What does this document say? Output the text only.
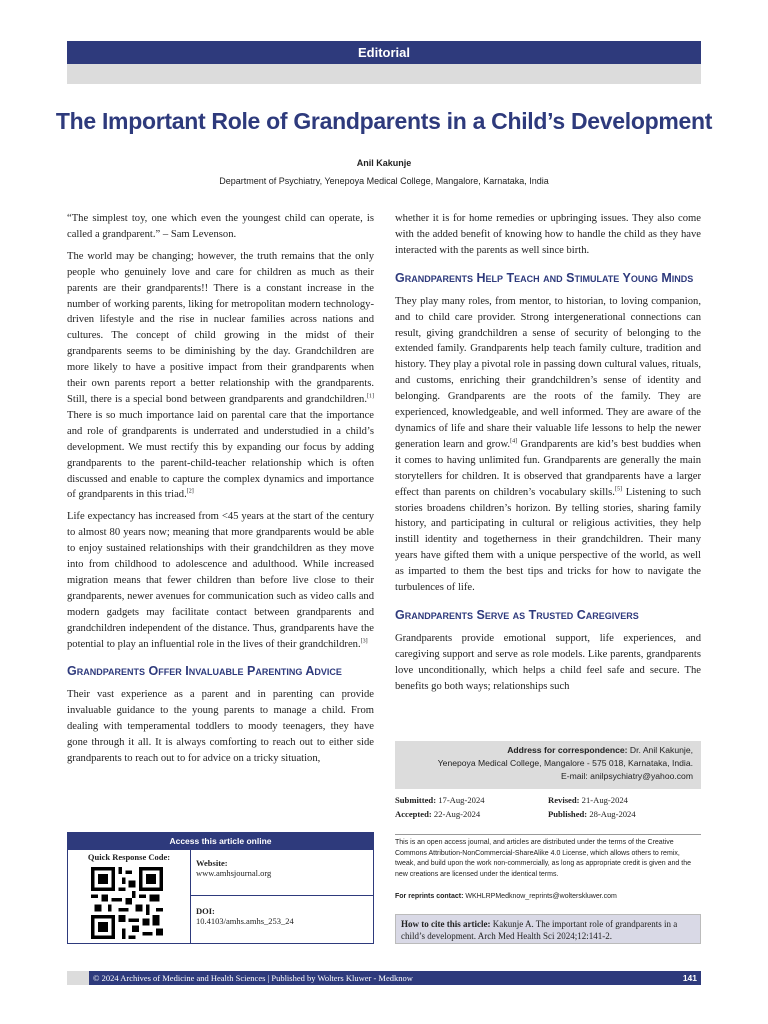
Editorial
The Important Role of Grandparents in a Child’s Development
Anil Kakunje
Department of Psychiatry, Yenepoya Medical College, Mangalore, Karnataka, India

“The simplest toy, one which even the youngest child can operate, is called a grandparent.” – Sam Levenson.

The world may be changing; however, the truth remains that the only people who genuinely love and care for children as much as their parents are their grandparents!! There is a constant increase in the number of working parents, liking for metropolitan modern technology-driven lifestyle and the rise in nuclear families across nations and cultures. The concept of child growing in the midst of their grandparents seems to be diminishing by the day. Grandchildren are more likely to have a positive impact from their grandparents when their own parents report a better relationship with the grandparents. Still, there is a special bond between grandparents and grandchildren.[1] There is so much importance laid on parental care that the importance and role of grandparents is underrated and understudied in a child’s development. We must rectify this by expanding our focus by adding grandparents to the parent-child-teacher relationship which is often discussed and enable to capture the complex dynamics and importance of grandparents in this triad.[2]

Life expectancy has increased from <45 years at the start of the century to almost 80 years now; meaning that more grandparents would be able to enjoy sustained relationships with their grandchildren as they move into from childhood to adolescence and adulthood. While increased migration means that fewer children than before live close to their grandparents, newer avenues for communication such as video calls and modern gadgets may facilitate contact between grandparents and grandchildren independent of the distance. Thus, grandparents have the potential to play an influential role in the lives of their grandchildren.[3]

Grandparents Offer Invaluable Parenting Advice

Their vast experience as a parent and in parenting can provide invaluable guidance to the young parents to manage a child. From dealing with temperamental toddlers to moody teenagers, they have gone through it all. It is always comforting to reach out to either side grandparents to reach out to for advice on a tricky situation,

whether it is for home remedies or upbringing issues. They also come with the added benefit of knowing how to handle the child as they have interacted with the parents as well since birth.

Grandparents Help Teach and Stimulate Young Minds

They play many roles, from mentor, to historian, to loving companion, and to child care provider. Strong intergenerational connections can result, giving grandchildren a sense of security of belonging to the extended family. Grandparents help teach family culture, tradition and history. They play a pivotal role in passing down cultural values, rituals, and customs, enriching their grandchildren’s sense of identity and belonging. Grandparents are the roots of the family. They are experienced, knowledgeable, and well informed. They are aware of the dynamics of life and share their valuable life lessons to help the newer generation learn and grow.[4] Grandparents are kid’s best buddies when it comes to having unlimited fun. Grandparents are generally the main storytellers for children. It is observed that grandparents have a larger effect than parents on children’s vocabulary skills.[5] Listening to such stories broadens children’s horizon. By telling stories, sharing family history, and participating in cultural or religious activities, they help instill identity and togetherness in their grandchildren. Their many years have gifted them with a unique perspective of the world, as well as imparted to them the best tips and tricks for how to navigate the turbulences of life.

Grandparents Serve as Trusted Caregivers

Grandparents provide emotional support, life experiences, and caregiving support and serve as role models. Like parents, grandparents love unconditionally, which helps a child feel safe and secure. The benefits go both ways; relationships such

Access this article online
Quick Response Code:
Website:
www.amhsjournal.org
DOI:
10.4103/amhs.amhs_253_24
Address for correspondence: Dr. Anil Kakunje,
Yenepoya Medical College, Mangalore - 575 018, Karnataka, India.
E-mail: anilpsychiatry@yahoo.com
Submitted: 17-Aug-2024	Revised: 21-Aug-2024
Accepted: 22-Aug-2024	Published: 28-Aug-2024
This is an open access journal, and articles are distributed under the terms of the Creative Commons Attribution-NonCommercial-ShareAlike 4.0 License, which allows others to remix, tweak, and build upon the work non-commercially, as long as appropriate credit is given and the new creations are licensed under the identical terms.
For reprints contact: WKHLRPMedknow_reprints@wolterskluwer.com
How to cite this article: Kakunje A. The important role of grandparents in a child’s development. Arch Med Health Sci 2024;12:141-2.
© 2024 Archives of Medicine and Health Sciences | Published by Wolters Kluwer - Medknow	141
